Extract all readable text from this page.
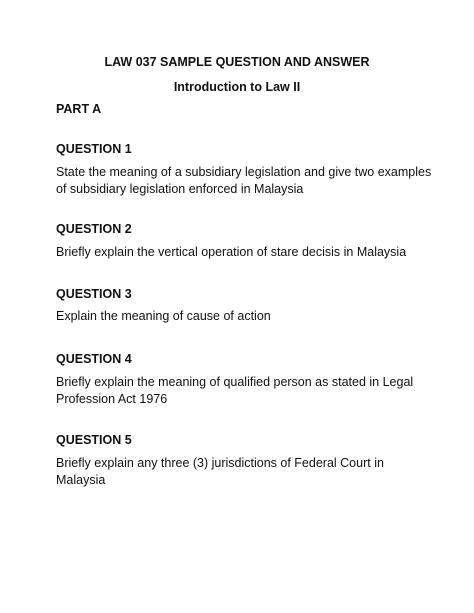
LAW 037 SAMPLE QUESTION AND ANSWER
Introduction to Law II
PART A
QUESTION 1
State the meaning of a subsidiary legislation and give two examples of subsidiary legislation enforced in Malaysia
QUESTION 2
Briefly explain the vertical operation of stare decisis in Malaysia
QUESTION 3
Explain the meaning of cause of action
QUESTION 4
Briefly explain the meaning of qualified person as stated in Legal Profession Act 1976
QUESTION 5
Briefly explain any three (3) jurisdictions of Federal Court in Malaysia
